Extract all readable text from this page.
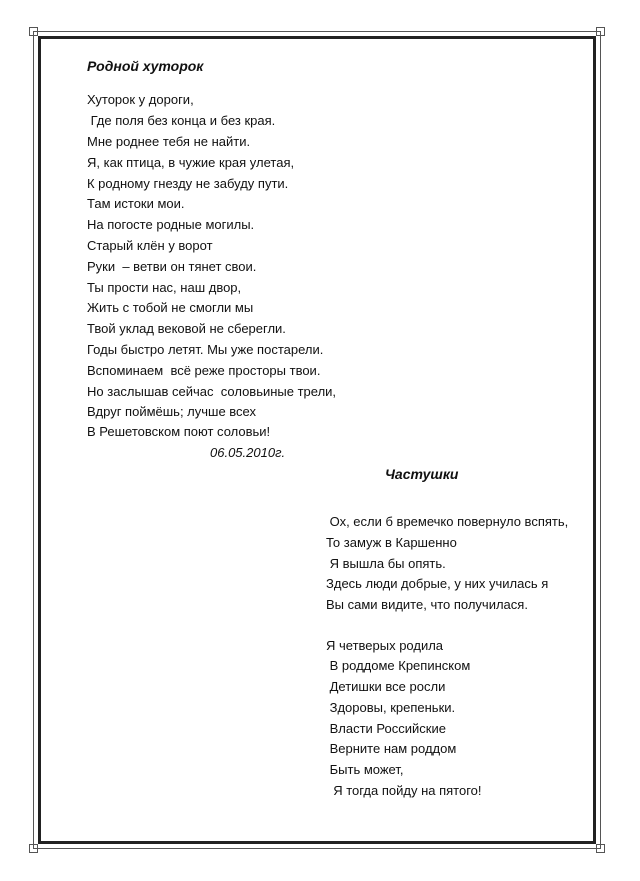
Родной хуторок
Хуторок у дороги,
Где поля без конца и без края.
Мне роднее тебя не найти.
Я, как птица, в чужие края улетая,
К родному гнезду не забуду пути.
Там истоки мои.
На погосте родные могилы.
Старый клён у ворот
Руки  – ветви он тянет свои.
Ты прости нас, наш двор,
Жить с тобой не смогли мы
Твой уклад вековой не сберегли.
Годы быстро летят. Мы уже постарели.
Вспоминаем  всё реже просторы твои.
Но заслышав сейчас  соловьиные трели,
Вдруг поймёшь; лучше всех
В Решетовском поют соловьи!
06.05.2010г.
Частушки
Ох, если б времечко повернуло вспять,
То замуж в Каршенно
Я вышла бы опять.
Здесь люди добрые, у них училась я
Вы сами видите, что получилася.
Я четверых родила
В роддоме Крепинском
Детишки все росли
Здоровы, крепеньки.
Власти Российские
Верните нам роддом
Быть может,
Я тогда пойду на пятого!
